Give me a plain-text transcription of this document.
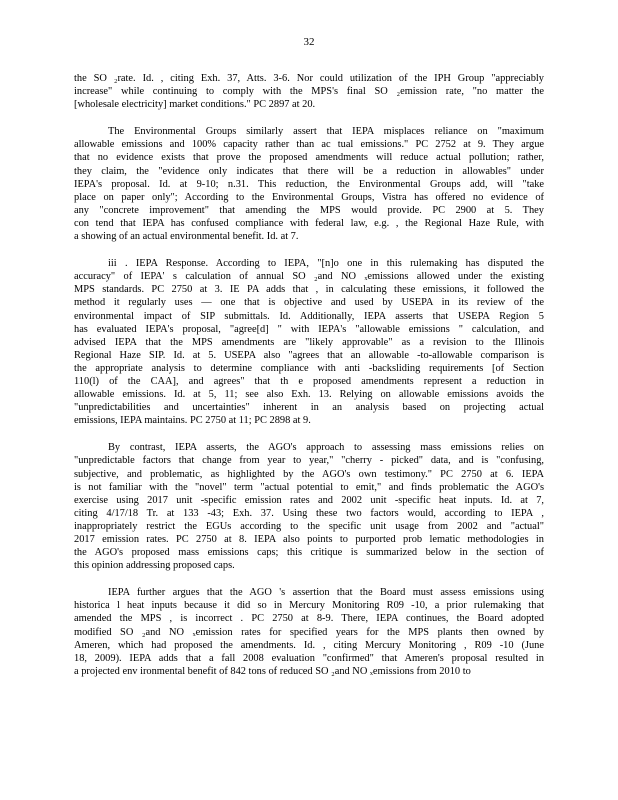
32
the SO ₂rate. Id. , citing Exh. 37, Atts. 3-6. Nor could utilization of the IPH Group "appreciably
increase" while continuing to comply with the MPS's final SO ₂emission rate, "no matter the
[wholesale electricity] market conditions." PC 2897 at 20.
The Environmental Groups similarly assert that IEPA misplaces reliance on "maximum
allowable emissions and 100% capacity rather than ac tual emissions." PC 2752 at 9. They argue
that no evidence exists that prove the proposed amendments will reduce actual pollution; rather,
they claim, the "evidence only indicates that there will be a reduction in allowables" under
IEPA's proposal. Id. at 9-10; n.31. This reduction, the Environmental Groups add, will "take
place on paper only"; According to the Environmental Groups, Vistra has offered no evidence of
any "concrete improvement" that amending the MPS would provide. PC 2900 at 5. They
con tend that IEPA has confused compliance with federal law, e.g. , the Regional Haze Rule, with
a showing of an actual environmental benefit. Id. at 7.
iii . IEPA Response. According to IEPA, "[n]o one in this rulemaking has disputed the
accuracy" of IEPA' s calculation of annual SO ₂and NO ₓemissions allowed under the existing
MPS standards. PC 2750 at 3. IE PA adds that , in calculating these emissions, it followed the
method it regularly uses — one that is objective and used by USEPA in its review of the
environmental impact of SIP submittals. Id. Additionally, IEPA asserts that USEPA Region 5
has evaluated IEPA's proposal, "agree[d] " with IEPA's "allowable emissions " calculation, and
advised IEPA that the MPS amendments are "likely approvable" as a revision to the Illinois
Regional Haze SIP. Id. at 5. USEPA also "agrees that an allowable -to-allowable comparison is
the appropriate analysis to determine compliance with anti -backsliding requirements [of Section
110(l) of the CAA], and agrees" that th e proposed amendments represent a reduction in
allowable emissions. Id. at 5, 11; see also Exh. 13. Relying on allowable emissions avoids the
"unpredictabilities and uncertainties" inherent in an analysis based on projecting actual
emissions, IEPA maintains. PC 2750 at 11; PC 2898 at 9.
By contrast, IEPA asserts, the AGO's approach to assessing mass emissions relies on
"unpredictable factors that change from year to year," "cherry - picked" data, and is "confusing,
subjective, and problematic, as highlighted by the AGO's own testimony." PC 2750 at 6. IEPA
is not familiar with the "novel" term "actual potential to emit," and finds problematic the AGO's
exercise using 2017 unit -specific emission rates and 2002 unit -specific heat inputs. Id. at 7,
citing 4/17/18 Tr. at 133 -43; Exh. 37. Using these two factors would, according to IEPA ,
inappropriately restrict the EGUs according to the specific unit usage from 2002 and "actual"
2017 emission rates. PC 2750 at 8. IEPA also points to purported prob lematic methodologies in
the AGO's proposed mass emissions caps; this critique is summarized below in the section of
this opinion addressing proposed caps.
IEPA further argues that the AGO 's assertion that the Board must assess emissions using
historica l heat inputs because it did so in Mercury Monitoring R09 -10, a prior rulemaking that
amended the MPS , is incorrect . PC 2750 at 8-9. There, IEPA continues, the Board adopted
modified SO ₂and NO ₓemission rates for specified years for the MPS plants then owned by
Ameren, which had proposed the amendments. Id. , citing Mercury Monitoring , R09 -10 (June
18, 2009). IEPA adds that a fall 2008 evaluation "confirmed" that Ameren's proposal resulted in
a projected env ironmental benefit of 842 tons of reduced SO ₂and NO ₓemissions from 2010 to
